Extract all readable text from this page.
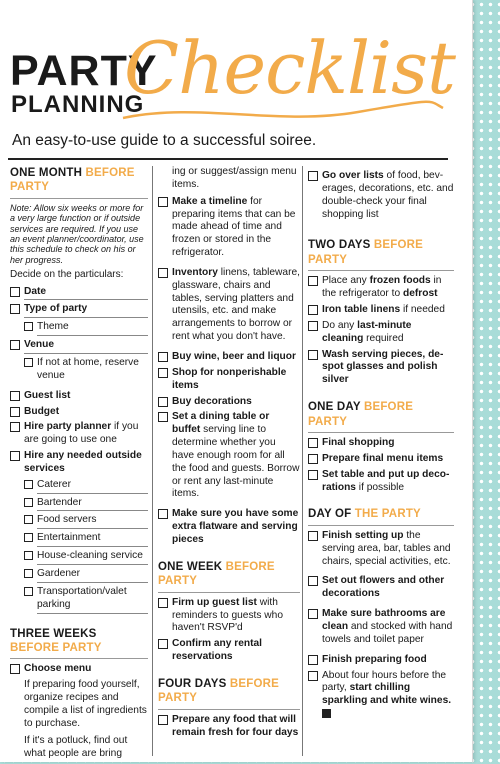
PARTY
PLANNING
Checklist
An easy-to-use guide to a successful soiree.
ONE MONTH BEFORE PARTY
Note: Allow six weeks or more for a very large function or if outside services are required. If you use an event planner/coordinator, use this schedule to check on his or her progress.
Decide on the particulars:
Date
Type of party
Theme
Venue
If not at home, reserve venue
Guest list
Budget
Hire party planner if you are going to use one
Hire any needed outside services
Caterer
Bartender
Food servers
Entertainment
House-cleaning service
Gardener
Transportation/valet parking
THREE WEEKS BEFORE PARTY
Choose menu
If preparing food yourself, organize recipes and compile a list of ingredients to purchase.
If it's a potluck, find out what people are bring
ing or suggest/assign menu items.
Make a timeline for preparing items that can be made ahead of time and frozen or stored in the refrigerator.
Inventory linens, tableware, glassware, chairs and tables, serving platters and utensils, etc. and make arrangements to borrow or rent what you don't have.
Buy wine, beer and liquor
Shop for nonperishable items
Buy decorations
Set a dining table or buffet serving line to determine whether you have enough room for all the food and guests. Borrow or rent any last-minute items.
Make sure you have some extra flatware and serving pieces
ONE WEEK BEFORE PARTY
Firm up guest list with reminders to guests who haven't RSVP'd
Confirm any rental reservations
FOUR DAYS BEFORE PARTY
Prepare any food that will remain fresh for four days
Go over lists of food, beverages, decorations, etc. and double-check your final shopping list
TWO DAYS BEFORE PARTY
Place any frozen foods in the refrigerator to defrost
Iron table linens if needed
Do any last-minute cleaning required
Wash serving pieces, de-spot glasses and polish silver
ONE DAY BEFORE PARTY
Final shopping
Prepare final menu items
Set table and put up decorations if possible
DAY OF THE PARTY
Finish setting up the serving area, bar, tables and chairs, special activities, etc.
Set out flowers and other decorations
Make sure bathrooms are clean and stocked with hand towels and toilet paper
Finish preparing food
About four hours before the party, start chilling sparkling and white wines.
